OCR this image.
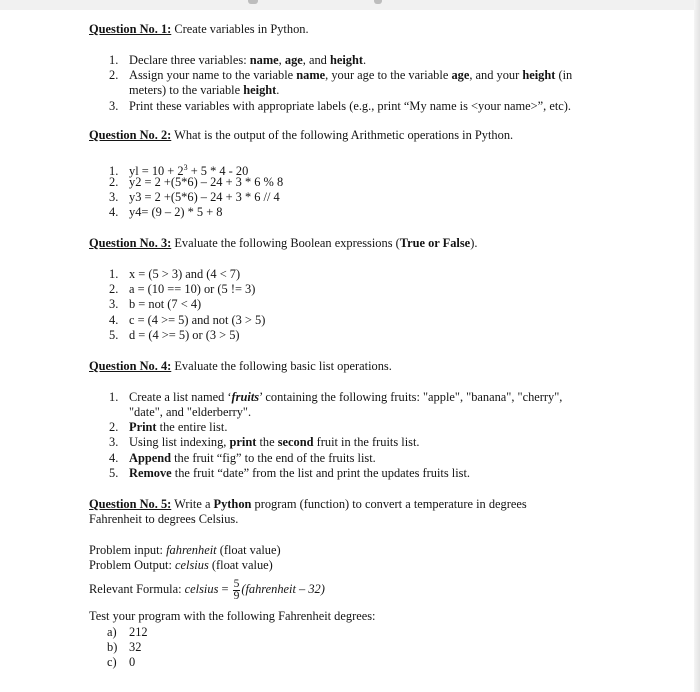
Question No. 1: Create variables in Python.
1. Declare three variables: name, age, and height.
2. Assign your name to the variable name, your age to the variable age, and your height (in
meters) to the variable height.
3. Print these variables with appropriate labels (e.g., print “My name is <your name>”, etc).
Question No. 2: What is the output of the following Arithmetic operations in Python.
1. yl = $10 + 2^3 + 5 * 4 - 20$
2. y2 = 2 +(5*6) – 24 + 3 * 6 % 8
3. y3 = 2 +(5*6) – 24 + 3 * 6 // 4
4. y4= (9 – 2) * 5 + 8
Question No. 3: Evaluate the following Boolean expressions (True or False).
1. x = (5 > 3) and (4 < 7)
2. a = (10 == 10) or (5 != 3)
3. b = not (7 < 4)
4. c = (4 >= 5) and not (3 > 5)
5. d = (4 >= 5) or (3 > 5)
Question No. 4: Evaluate the following basic list operations.
1. Create a list named ‘fruits’ containing the following fruits: "apple", "banana", "cherry",
"date", and "elderberry".
2. Print the entire list.
3. Using list indexing, print the second fruit in the fruits list.
4. Append the fruit “fig” to the end of the fruits list.
5. Remove the fruit “date” from the list and print the updates fruits list.
Question No. 5: Write a Python program (function) to convert a temperature in degrees
Fahrenheit to degrees Celsius.
Problem input: fahrenheit (float value)
Problem Output: celsius (float value)
Relevant Formula: celsius = $\frac{5}{9}$ (fahrenheit – 32)
Test your program with the following Fahrenheit degrees:
a) 212
b) 32
c) 0
